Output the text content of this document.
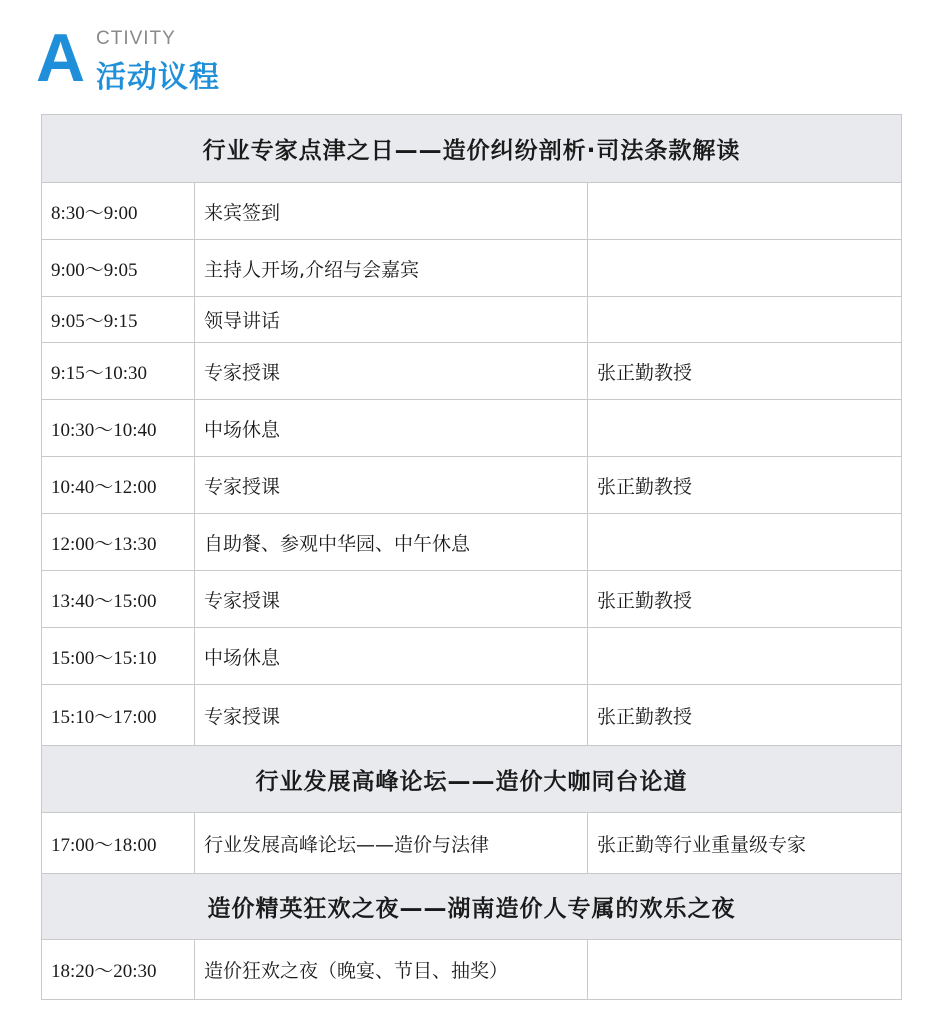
A CTIVITY
活动议程
行业专家点津之日——造价纠纷剖析·司法条款解读		
8:30～9:00	来宾签到	
9:00～9:05	主持人开场,介绍与会嘉宾	
9:05～9:15	领导讲话	
9:15～10:30	专家授课	张正勤教授
10:30～10:40	中场休息	
10:40～12:00	专家授课	张正勤教授
12:00～13:30	自助餐、参观中华园、中午休息	
13:40～15:00	专家授课	张正勤教授
15:00～15:10	中场休息	
15:10～17:00	专家授课	张正勤教授
行业发展高峰论坛——造价大咖同台论道		
17:00～18:00	行业发展高峰论坛——造价与法律	张正勤等行业重量级专家
造价精英狂欢之夜——湖南造价人专属的欢乐之夜		
18:20～20:30	造价狂欢之夜（晚宴、节目、抽奖）	
